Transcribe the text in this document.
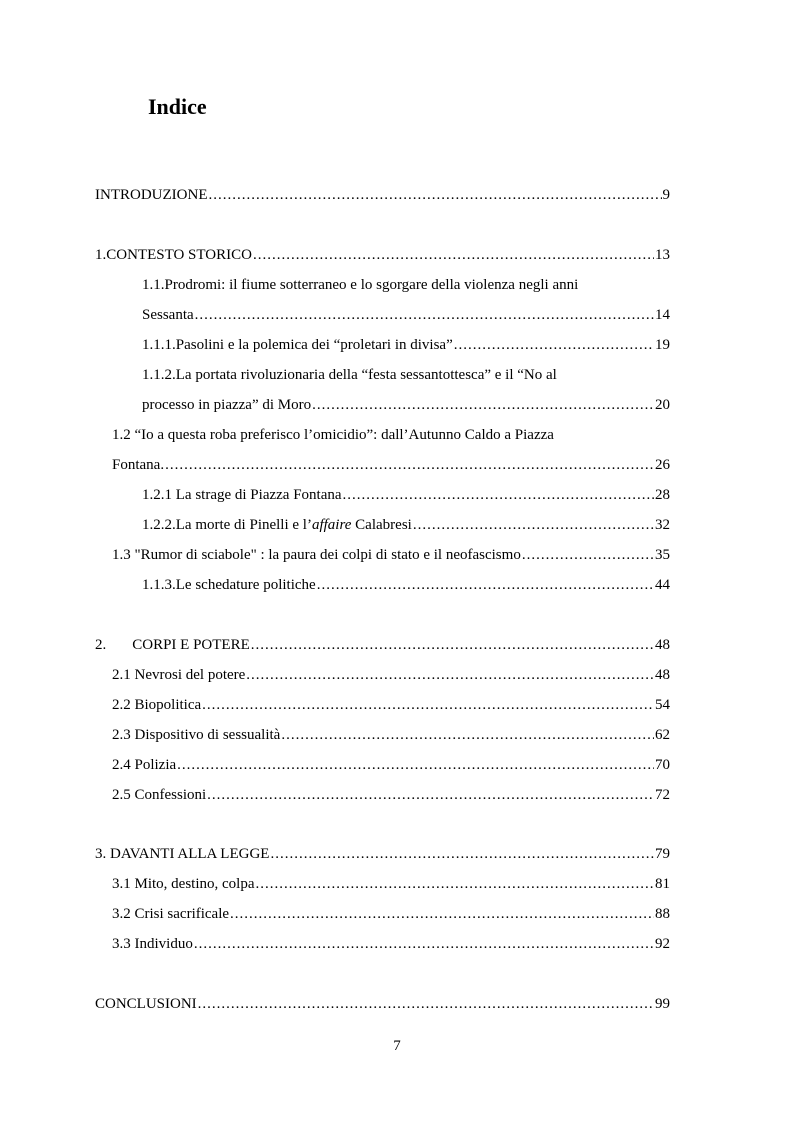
Indice
INTRODUZIONE .....	9
1.CONTESTO STORICO .....	13
1.1.Prodromi: il fiume sotterraneo e lo sgorgare della violenza negli anni
Sessanta .....	14
1.1.1.Pasolini e la polemica dei “proletari in divisa” .....	19
1.1.2.La portata rivoluzionaria della “festa sessantottesca” e il “No al
processo in piazza” di Moro .....	20
1.2 “Io a questa roba preferisco l’omicidio”: dall’Autunno Caldo a Piazza
Fontana. .....	26
1.2.1 La strage di Piazza Fontana .....	28
1.2.2.La morte di Pinelli e l’affaire Calabresi .....	32
1.3 "Rumor di sciabole" : la paura dei colpi di stato e il neofascismo .....	35
1.1.3.Le schedature politiche .....	44
2. CORPI E POTERE .....	48
2.1 Nevrosi del potere .....	48
2.2 Biopolitica .....	54
2.3 Dispositivo di sessualità .....	62
2.4 Polizia .....	70
2.5 Confessioni .....	72
3. DAVANTI ALLA LEGGE .....	79
3.1 Mito, destino, colpa .....	81
3.2 Crisi sacrificale .....	88
3.3 Individuo .....	92
CONCLUSIONI .....	99
7
